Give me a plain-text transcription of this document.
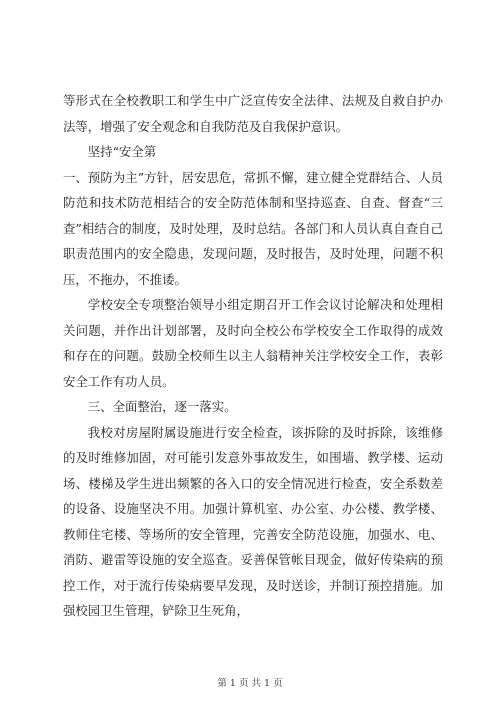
等形式在全校教职工和学生中广泛宣传安全法律、法规及自救自护办法等，增强了安全观念和自我防范及自我保护意识。

坚持“安全第

一、预防为主”方针，居安思危，常抓不懈，建立健全党群结合、人员防范和技术防范相结合的安全防范体制和坚持巡查、自查、督查“三查”相结合的制度，及时处理，及时总结。各部门和人员认真自查自己职责范围内的安全隐患，发现问题，及时报告，及时处理，问题不积压，不拖办，不推诿。

学校安全专项整治领导小组定期召开工作会议讨论解决和处理相关问题，并作出计划部署，及时向全校公布学校安全工作取得的成效和存在的问题。鼓励全校师生以主人翁精神关注学校安全工作，表彰安全工作有功人员。

三、全面整治，逐一落实。

我校对房屋附属设施进行安全检查，该拆除的及时拆除，该维修的及时维修加固，对可能引发意外事故发生，如围墙、教学楼、运动场、楼梯及学生进出频繁的各入口的安全情况进行检查，安全系数差的设备、设施坚决不用。加强计算机室、办公室、办公楼、教学楼、教师住宅楼、等场所的安全管理，完善安全防范设施，加强水、电、消防、避雷等设施的安全巡查。妥善保管帐目现金，做好传染病的预控工作，对于流行传染病要早发现，及时送诊，并制订预控措施。加强校园卫生管理，铲除卫生死角，

第 1 页 共 1 页
